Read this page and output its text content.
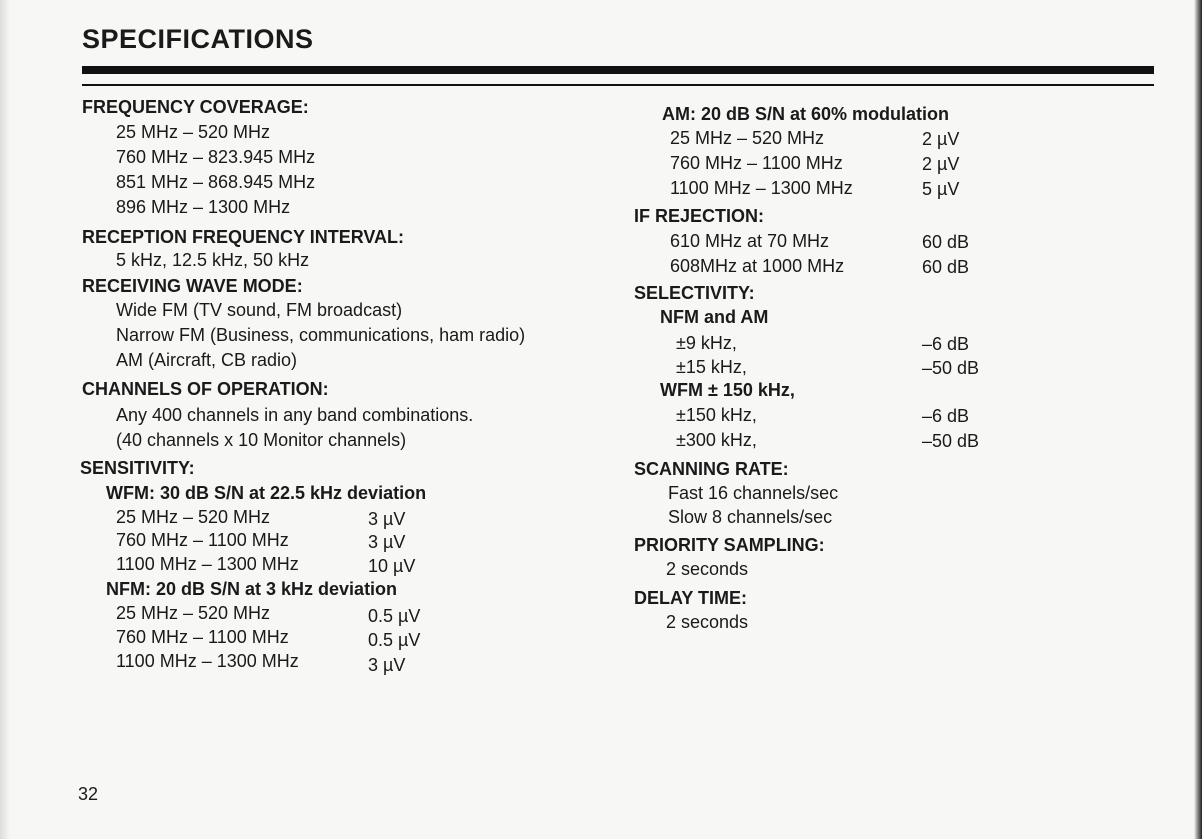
SPECIFICATIONS
FREQUENCY COVERAGE:
25 MHz – 520 MHz
760 MHz – 823.945 MHz
851 MHz – 868.945 MHz
896 MHz – 1300 MHz
RECEPTION FREQUENCY INTERVAL:
5 kHz, 12.5 kHz, 50 kHz
RECEIVING WAVE MODE:
Wide FM (TV sound, FM broadcast)
Narrow FM (Business, communications, ham radio)
AM (Aircraft, CB radio)
CHANNELS OF OPERATION:
Any 400 channels in any band combinations.
(40 channels x 10 Monitor channels)
SENSITIVITY:
WFM: 30 dB S/N at 22.5 kHz deviation
25 MHz – 520 MHz	3 µV
760 MHz – 1100 MHz	3 µV
1100 MHz – 1300 MHz	10 µV
NFM: 20 dB S/N at 3 kHz deviation
25 MHz – 520 MHz	0.5 µV
760 MHz – 1100 MHz	0.5 µV
1100 MHz – 1300 MHz	3 µV
AM: 20 dB S/N at 60% modulation
25 MHz – 520 MHz	2 µV
760 MHz – 1100 MHz	2 µV
1100 MHz – 1300 MHz	5 µV
IF REJECTION:
610 MHz at 70 MHz	60 dB
608MHz at 1000 MHz	60 dB
SELECTIVITY:
NFM and AM
±9 kHz,	–6 dB
±15 kHz,	–50 dB
WFM ± 150 kHz,
±150 kHz,	–6 dB
±300 kHz,	–50 dB
SCANNING RATE:
Fast 16 channels/sec
Slow 8 channels/sec
PRIORITY SAMPLING:
2 seconds
DELAY TIME:
2 seconds
32
